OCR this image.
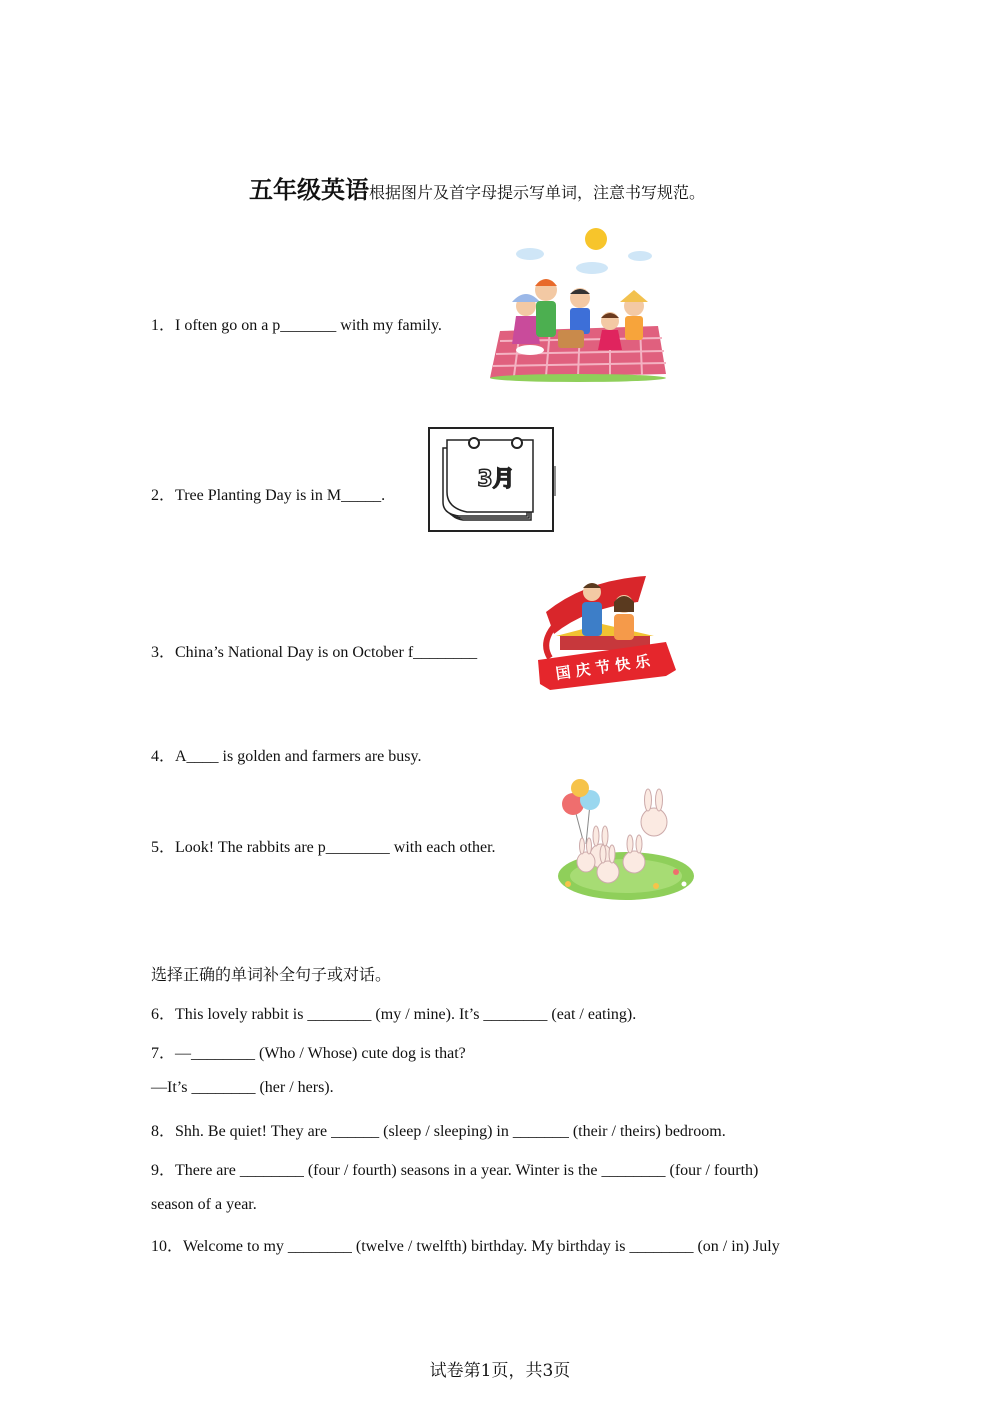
五年级英语根据图片及首字母提示写单词，注意书写规范。
1．I often go on a p_______ with my family.
2．Tree Planting Day is in M_____.
3．China’s National Day is on October f________
4．A____ is golden and farmers are busy.
5．Look! The rabbits are p________ with each other.
3月
国庆节快乐
选择正确的单词补全句子或对话。
6．This lovely rabbit is ________ (my / mine). It’s ________ (eat / eating).
7．—________ (Who / Whose) cute dog is that?
—It’s ________ (her / hers).
8．Shh. Be quiet! They are ______ (sleep / sleeping) in _______ (their / theirs) bedroom.
9．There are ________ (four / fourth) seasons in a year. Winter is the ________ (four / fourth)
season of a year.
10．Welcome to my ________ (twelve / twelfth) birthday. My birthday is ________ (on / in) July
试卷第1页，共3页
